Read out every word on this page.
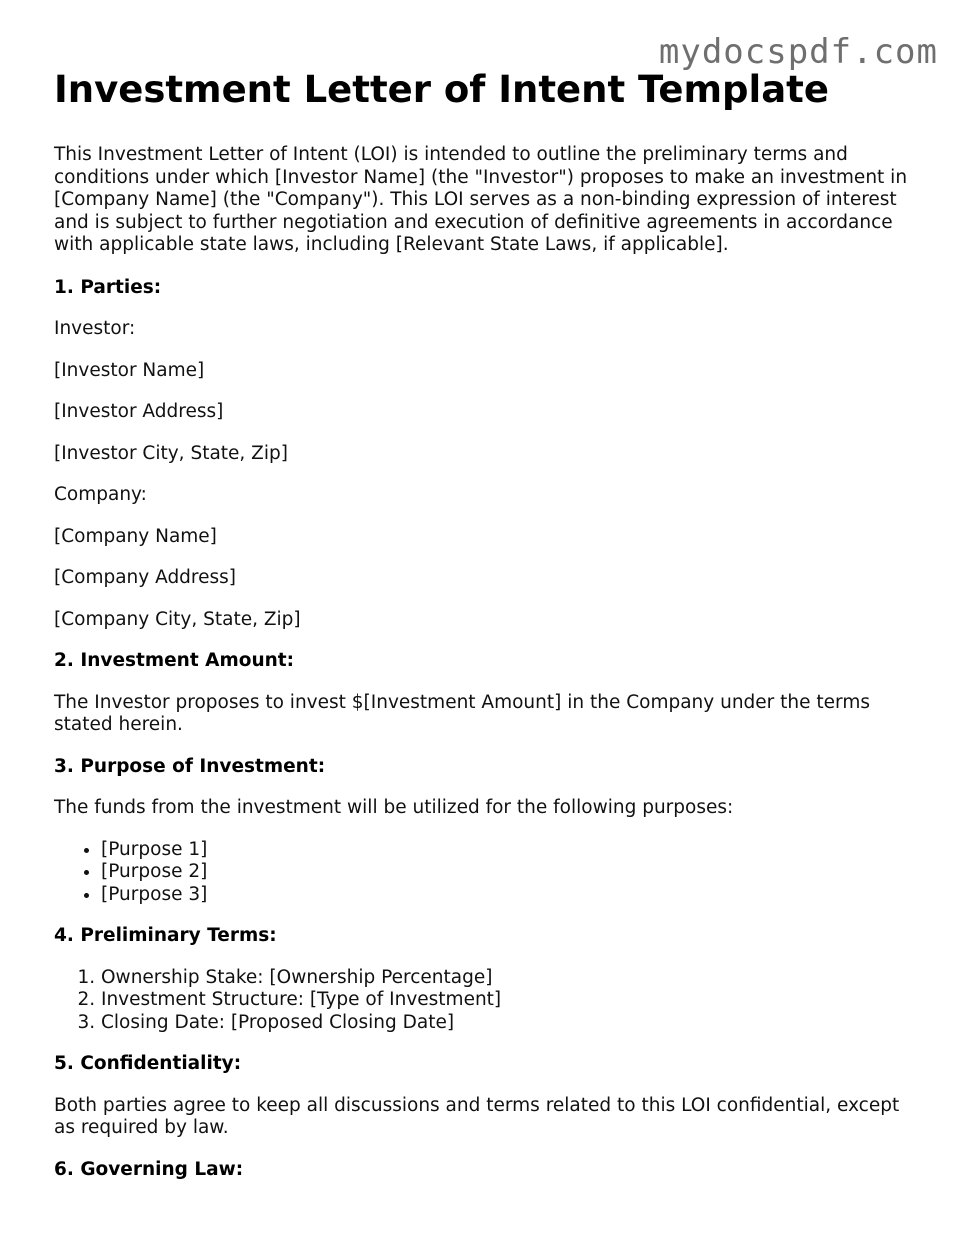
mydocspdf.com
Investment Letter of Intent Template

This Investment Letter of Intent (LOI) is intended to outline the preliminary terms and conditions under which [Investor Name] (the "Investor") proposes to make an investment in [Company Name] (the "Company"). This LOI serves as a non-binding expression of interest and is subject to further negotiation and execution of definitive agreements in accordance with applicable state laws, including [Relevant State Laws, if applicable].

1. Parties:

Investor:

[Investor Name]

[Investor Address]

[Investor City, State, Zip]

Company:

[Company Name]

[Company Address]

[Company City, State, Zip]

2. Investment Amount:

The Investor proposes to invest $[Investment Amount] in the Company under the terms stated herein.

3. Purpose of Investment:

The funds from the investment will be utilized for the following purposes:

• [Purpose 1]
• [Purpose 2]
• [Purpose 3]
4. Preliminary Terms:
1. Ownership Stake: [Ownership Percentage]
2. Investment Structure: [Type of Investment]
3. Closing Date: [Proposed Closing Date]
5. Confidentiality:

Both parties agree to keep all discussions and terms related to this LOI confidential, except as required by law.

6. Governing Law:
